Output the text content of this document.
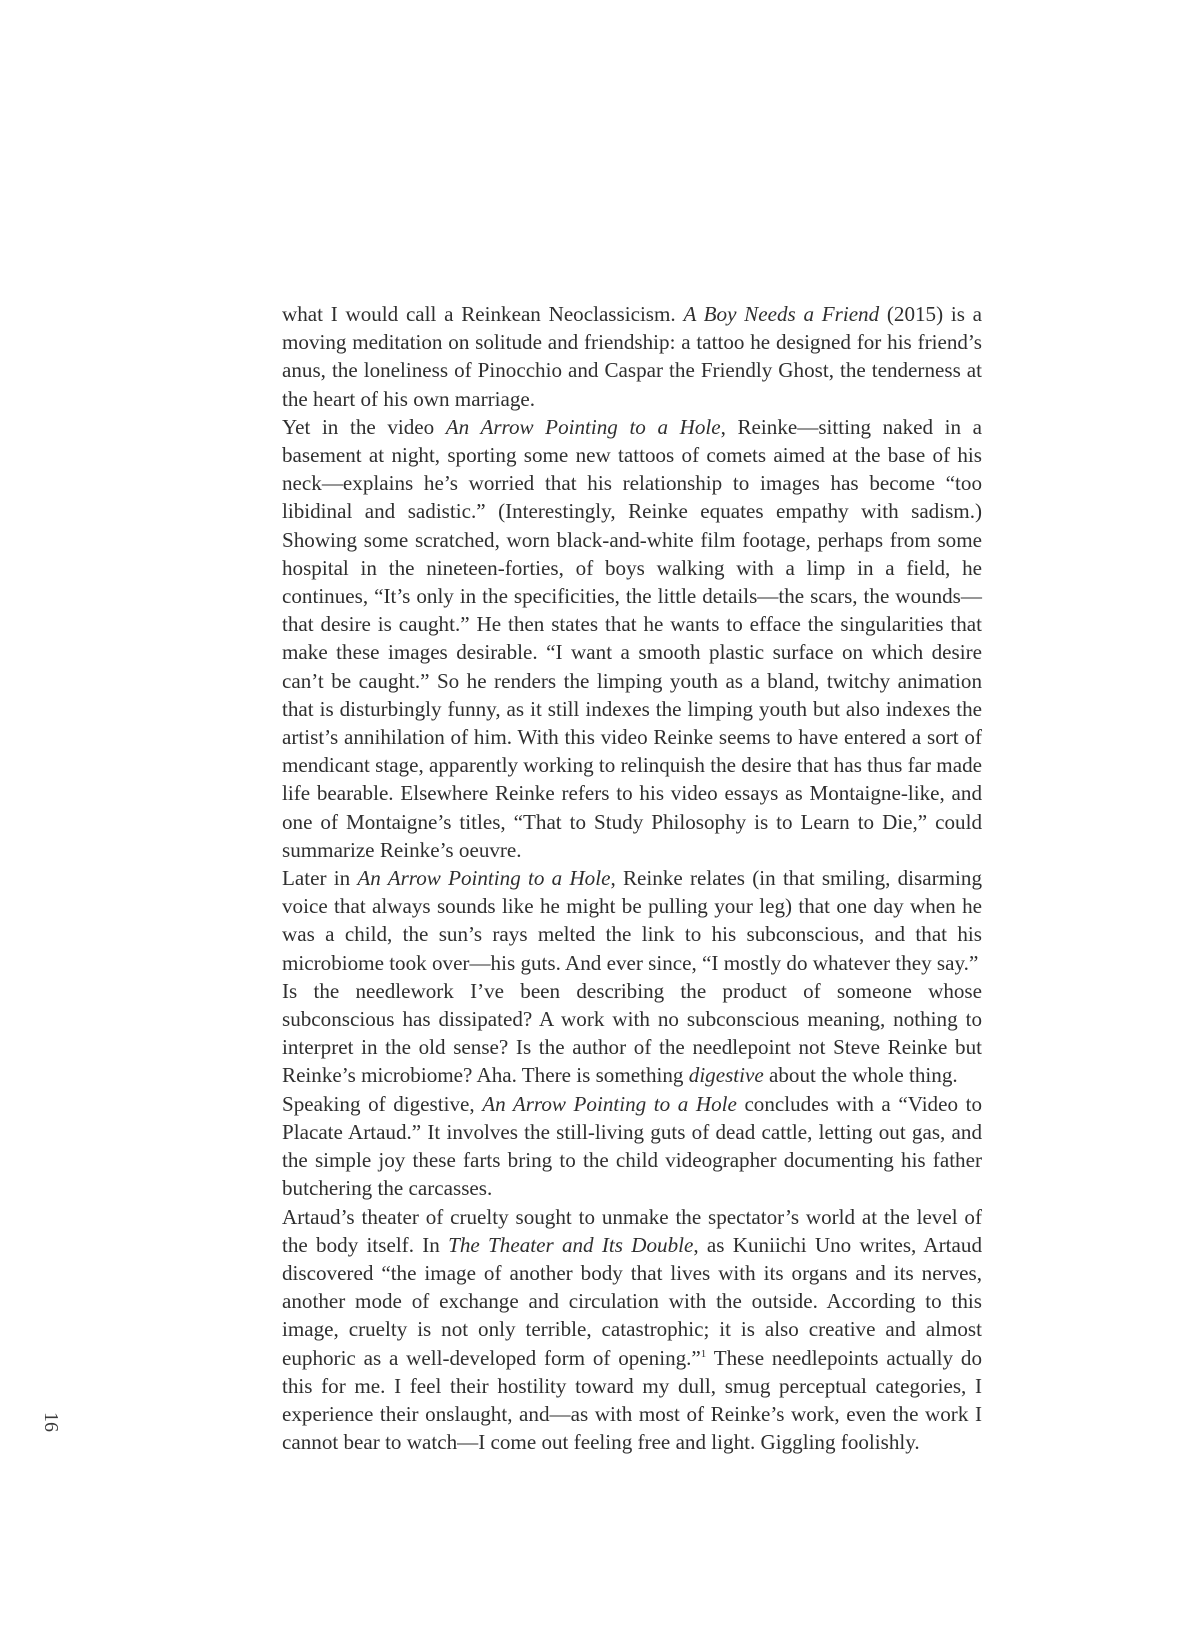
what I would call a Reinkean Neoclassicism. A Boy Needs a Friend (2015) is a moving meditation on solitude and friendship: a tattoo he designed for his friend’s anus, the loneliness of Pinocchio and Caspar the Friendly Ghost, the tenderness at the heart of his own marriage.

Yet in the video An Arrow Pointing to a Hole, Reinke—sitting naked in a basement at night, sporting some new tattoos of comets aimed at the base of his neck—explains he’s worried that his relationship to images has become “too libidinal and sadistic.” (Interestingly, Reinke equates empathy with sadism.) Showing some scratched, worn black-and-white film footage, perhaps from some hospital in the nineteen-forties, of boys walking with a limp in a field, he continues, “It’s only in the specificities, the little details—the scars, the wounds—that desire is caught.” He then states that he wants to efface the singularities that make these images desirable. “I want a smooth plastic surface on which desire can’t be caught.” So he renders the limping youth as a bland, twitchy animation that is disturbingly funny, as it still indexes the limping youth but also indexes the artist’s annihilation of him. With this video Reinke seems to have entered a sort of mendicant stage, apparently working to relinquish the desire that has thus far made life bearable. Elsewhere Reinke refers to his video essays as Montaigne-like, and one of Montaigne’s titles, “That to Study Philosophy is to Learn to Die,” could summarize Reinke’s oeuvre.

Later in An Arrow Pointing to a Hole, Reinke relates (in that smiling, disarming voice that always sounds like he might be pulling your leg) that one day when he was a child, the sun’s rays melted the link to his subconscious, and that his microbiome took over—his guts. And ever since, “I mostly do whatever they say.”

Is the needlework I’ve been describing the product of someone whose subconscious has dissipated? A work with no subconscious meaning, nothing to interpret in the old sense? Is the author of the needlepoint not Steve Reinke but Reinke’s microbiome? Aha. There is something digestive about the whole thing.

Speaking of digestive, An Arrow Pointing to a Hole concludes with a “Video to Placate Artaud.” It involves the still-living guts of dead cattle, letting out gas, and the simple joy these farts bring to the child videographer documenting his father butchering the carcasses.

Artaud’s theater of cruelty sought to unmake the spectator’s world at the level of the body itself. In The Theater and Its Double, as Kuniichi Uno writes, Artaud discovered “the image of another body that lives with its organs and its nerves, another mode of exchange and circulation with the outside. According to this image, cruelty is not only terrible, catastrophic; it is also creative and almost euphoric as a well-developed form of opening.”$^1$ These needlepoints actually do this for me. I feel their hostility toward my dull, smug perceptual categories, I experience their onslaught, and—as with most of Reinke’s work, even the work I cannot bear to watch—I come out feeling free and light. Giggling foolishly.

16
